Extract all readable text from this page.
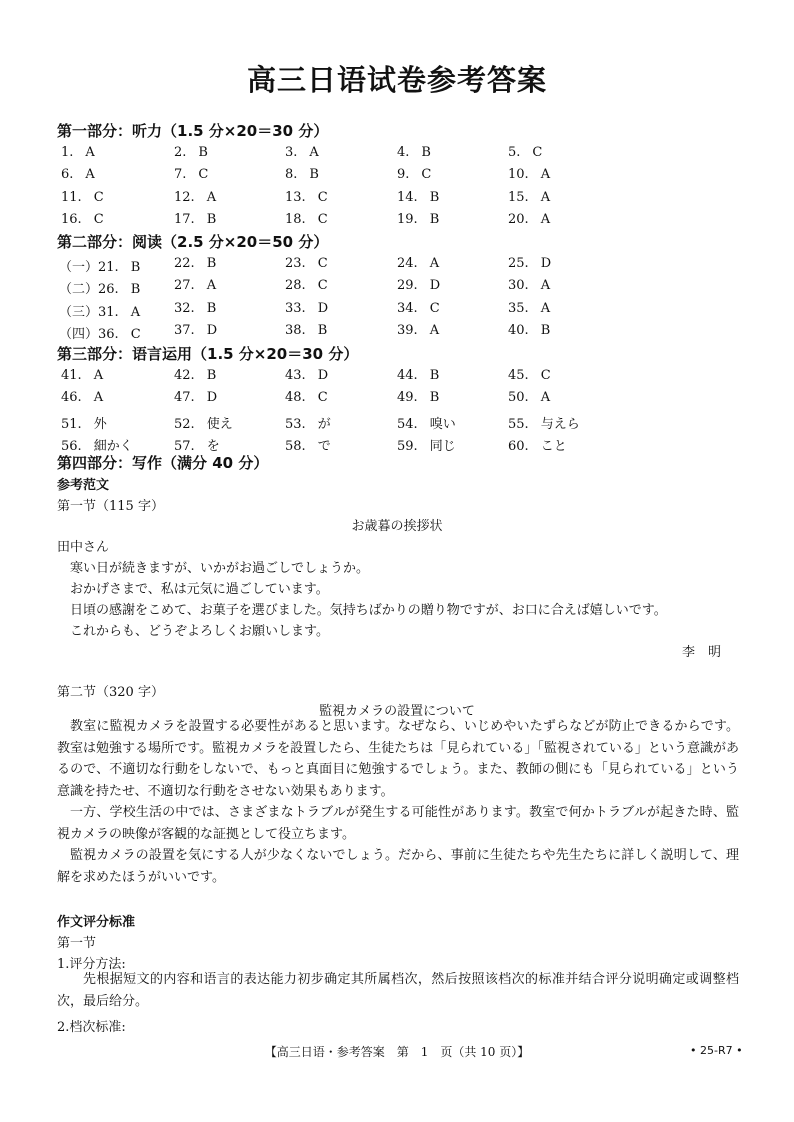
高三日语试卷参考答案
第一部分：听力（1.5 分×20＝30 分）
1. A	2. B	3. A	4. B	5. C
6. A	7. C	8. B	9. C	10. A
11. C	12. A	13. C	14. B	15. A
16. C	17. B	18. C	19. B	20. A
第二部分：阅读（2.5 分×20＝50 分）
（一）21. B	22. B	23. C	24. A	25. D
（二）26. B	27. A	28. C	29. D	30. A
（三）31. A	32. B	33. D	34. C	35. A
（四）36. C	37. D	38. B	39. A	40. B
第三部分：语言运用（1.5 分×20＝30 分）
41. A	42. B	43. D	44. B	45. C
46. A	47. D	48. C	49. B	50. A
51. 外	52. 使え	53. が	54. 嗅い	55. 与えら
56. 細かく	57. を	58. で	59. 同じ	60. こと
第四部分：写作（满分 40 分）
参考范文
第一节（115 字）
お歳暮の挨拶状
田中さん
寒い日が続きますが、いかがお過ごしでしょうか。
おかげさまで、私は元気に過ごしています。
日頃の感謝をこめて、お菓子を選びました。気持ちばかりの贈り物ですが、お口に合えば嬉しいです。
これからも、どうぞよろしくお願いします。
李　明
第二节（320 字）
監視カメラの設置について

教室に監視カメラを設置する必要性があると思います。なぜなら、いじめやいたずらなどが防止できるからです。教室は勉強する場所です。監視カメラを設置したら、生徒たちは「見られている」「監視されている」という意識があるので、不適切な行動をしないで、もっと真面目に勉強するでしょう。また、教師の側にも「見られている」という意識を持たせ、不適切な行動をさせない効果もあります。

一方、学校生活の中では、さまざまなトラブルが発生する可能性があります。教室で何かトラブルが起きた時、監視カメラの映像が客観的な証拠として役立ちます。

監視カメラの設置を気にする人が少なくないでしょう。だから、事前に生徒たちや先生たちに詳しく説明して、理解を求めたほうがいいです。

作文评分标准
第一节
1.评分方法:

先根据短文的内容和语言的表达能力初步确定其所属档次，然后按照该档次的标准并结合评分说明确定或调整档次，最后给分。

2.档次标准:
【高三日语・参考答案　第　1　页（共 10 页）】	• 25-R7 •
